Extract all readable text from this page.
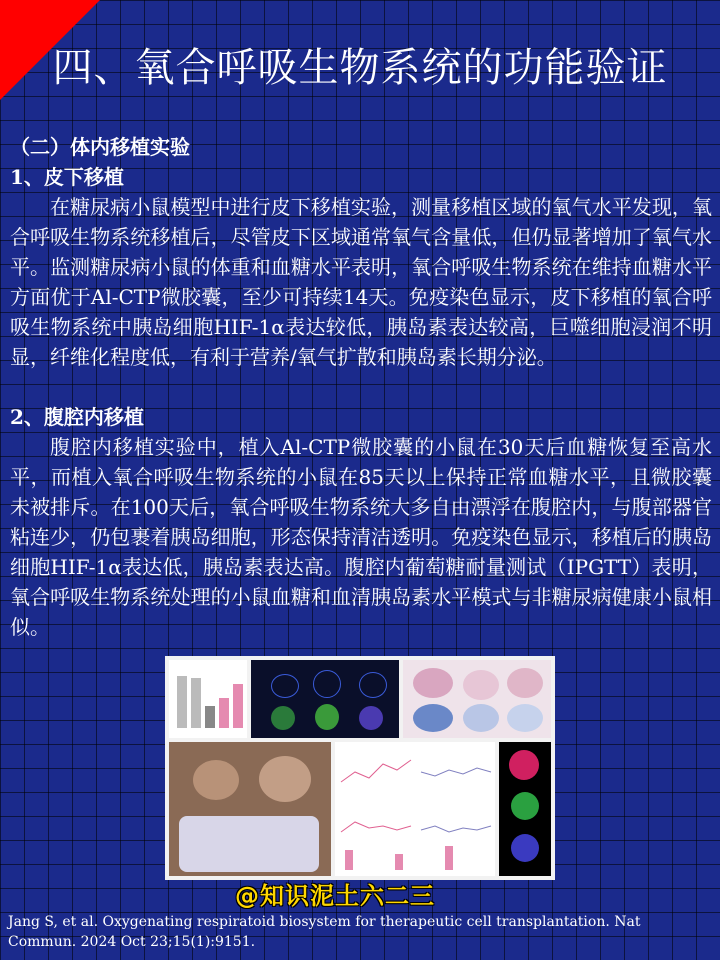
四、氧合呼吸生物系统的功能验证

（二）体内移植实验

1、皮下移植

在糖尿病小鼠模型中进行皮下移植实验，测量移植区域的氧气水平发现，氧合呼吸生物系统移植后，尽管皮下区域通常氧气含量低，但仍显著增加了氧气水平。监测糖尿病小鼠的体重和血糖水平表明，氧合呼吸生物系统在维持血糖水平方面优于Al-CTP微胶囊，至少可持续14天。免疫染色显示，皮下移植的氧合呼吸生物系统中胰岛细胞HIF-1α表达较低，胰岛素表达较高，巨噬细胞浸润不明显，纤维化程度低，有利于营养/氧气扩散和胰岛素长期分泌。

2、腹腔内移植

腹腔内移植实验中，植入Al-CTP微胶囊的小鼠在30天后血糖恢复至高水平，而植入氧合呼吸生物系统的小鼠在85天以上保持正常血糖水平，且微胶囊未被排斥。在100天后，氧合呼吸生物系统大多自由漂浮在腹腔内，与腹部器官粘连少，仍包裹着胰岛细胞，形态保持清洁透明。免疫染色显示，移植后的胰岛细胞HIF-1α表达低，胰岛素表达高。腹腔内葡萄糖耐量测试（IPGTT）表明，氧合呼吸生物系统处理的小鼠血糖和血清胰岛素水平模式与非糖尿病健康小鼠相似。

@知识泥土六二三
Jang S, et al. Oxygenating respiratoid biosystem for therapeutic cell transplantation. Nat Commun. 2024 Oct 23;15(1):9151.
